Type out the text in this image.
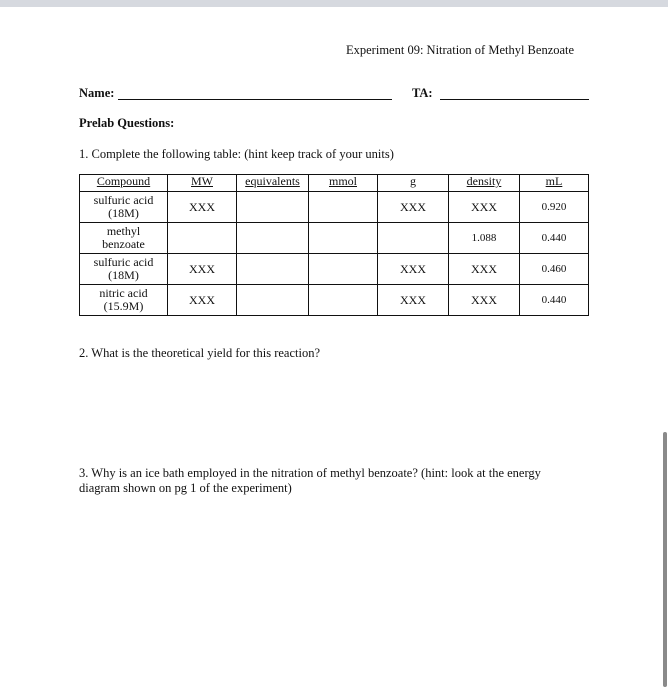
Experiment 09: Nitration of Methyl Benzoate
Name:	TA:
Prelab Questions:
1. Complete the following table: (hint keep track of your units)
Compound	MW	equivalents	mmol	g	density	mL
sulfuric acid
(18M)	XXX			XXX	XXX	0.920
methyl
benzoate					1.088	0.440
sulfuric acid
(18M)	XXX			XXX	XXX	0.460
nitric acid
(15.9M)	XXX			XXX	XXX	0.440
2. What is the theoretical yield for this reaction?
3. Why is an ice bath employed in the nitration of methyl benzoate? (hint: look at the energy diagram shown on pg 1 of the experiment)
